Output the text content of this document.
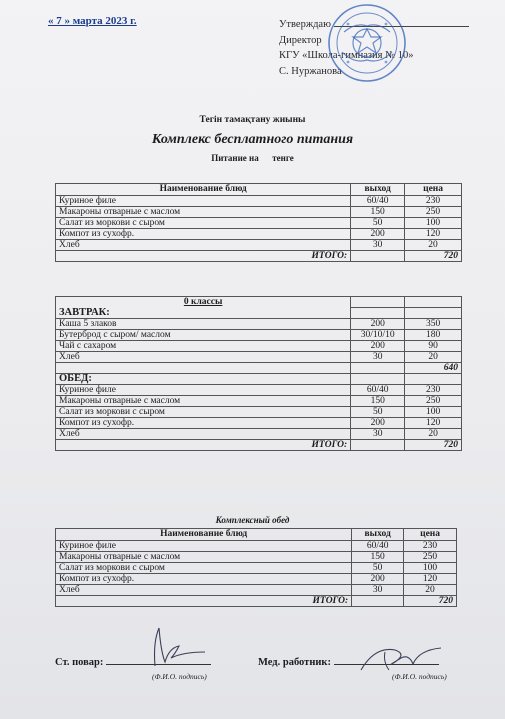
« 7 » марта 2023 г.	Утверждаю
Директор
КГУ «Школа-гимназия № 10»
С. Нуржанова
Тегін тамақтану жиыны
Комплекс бесплатного питания
Питание на      тенге
Наименование блюд	выход	цена
Куриное филе	60/40	230
Макароны отварные с маслом	150	250
Салат из моркови с сыром	50	100
Компот из сухофр.	200	120
Хлеб	30	20
ИТОГО:		720
0 классы		
ЗАВТРАК:		
Каша 5 злаков	200	350
Бутерброд с сыром/ маслом	30/10/10	180
Чай с сахаром	200	90
Хлеб	30	20
		640
ОБЕД:		
Куриное филе	60/40	230
Макароны отварные с маслом	150	250
Салат из моркови с сыром	50	100
Компот из сухофр.	200	120
Хлеб	30	20
ИТОГО:		720
Комплексный обед
Наименование блюд	выход	цена
Куриное филе	60/40	230
Макароны отварные с маслом	150	250
Салат из моркови с сыром	50	100
Компот из сухофр.	200	120
Хлеб	30	20
ИТОГО:		720
Ст. повар:
(Ф.И.О. подпись)
Мед. работник:
(Ф.И.О. подпись)
